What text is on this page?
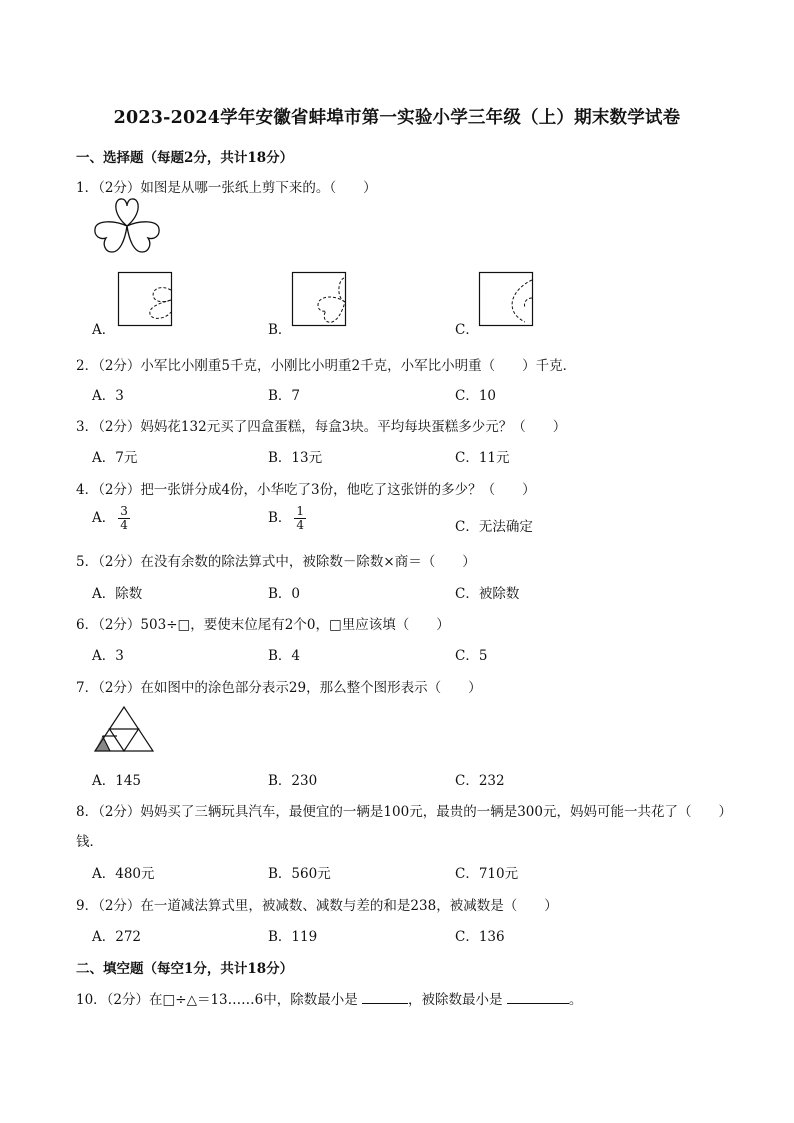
2023-2024学年安徽省蚌埠市第一实验小学三年级（上）期末数学试卷
一、选择题（每题2分，共计18分）
1．（2分）如图是从哪一张纸上剪下来的。（　　）
A．	B．	C．
2．（2分）小军比小刚重5千克，小刚比小明重2千克，小军比小明重（　　）千克．
A．3	B．7	C．10
3．（2分）妈妈花132元买了四盒蛋糕，每盒3块。平均每块蛋糕多少元？（　　）
A．7元	B．13元	C．11元
4．（2分）把一张饼分成4份，小华吃了3份，他吃了这张饼的多少？（　　）
A． $\frac{3}{4}$	B． $\frac{1}{4}$	C．无法确定
5．（2分）在没有余数的除法算式中，被除数－除数×商＝（　　）
A．除数	B．0	C．被除数
6．（2分）503÷□，要使末位尾有2个0，□里应该填（　　）
A．3	B．4	C．5
7．（2分）在如图中的涂色部分表示29，那么整个图形表示（　　）
A．145	B．230	C．232
8．（2分）妈妈买了三辆玩具汽车，最便宜的一辆是100元，最贵的一辆是300元，妈妈可能一共花了（　　）
钱．
A．480元	B．560元	C．710元
9．（2分）在一道减法算式里，被减数、减数与差的和是238，被减数是（　　）
A．272	B．119	C．136
二、填空题（每空1分，共计18分）
10．（2分）在□÷△＝13……6中，除数最小是	，被除数最小是	。
